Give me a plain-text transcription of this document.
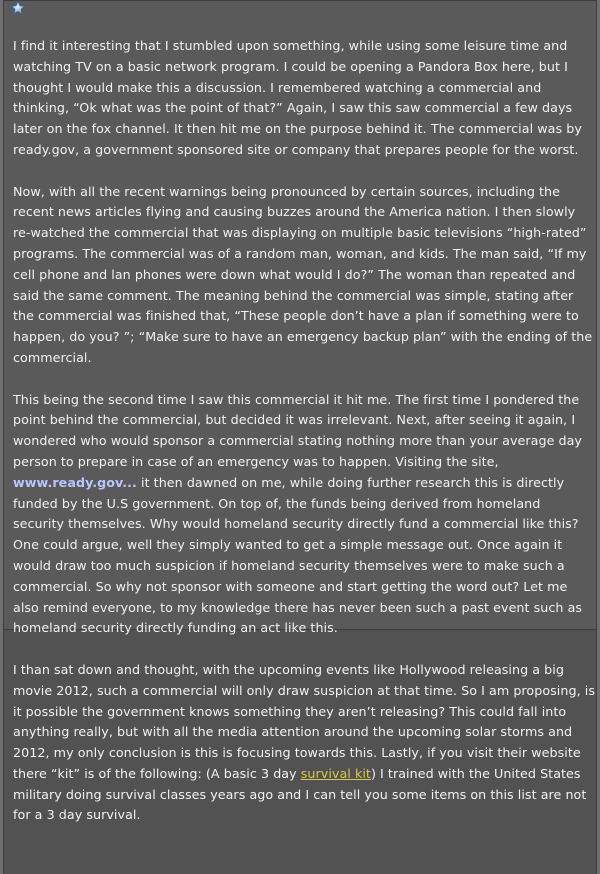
I find it interesting that I stumbled upon something, while using some leisure time and watching TV on a basic network program. I could be opening a Pandora Box here, but I thought I would make this a discussion. I remembered watching a commercial and thinking, “Ok what was the point of that?” Again, I saw this saw commercial a few days later on the fox channel. It then hit me on the purpose behind it. The commercial was by ready.gov, a government sponsored site or company that prepares people for the worst.

Now, with all the recent warnings being pronounced by certain sources, including the recent news articles flying and causing buzzes around the America nation. I then slowly re-watched the commercial that was displaying on multiple basic televisions “high-rated” programs. The commercial was of a random man, woman, and kids. The man said, “If my cell phone and lan phones were down what would I do?” The woman than repeated and said the same comment. The meaning behind the commercial was simple, stating after the commercial was finished that, “These people don’t have a plan if something were to happen, do you? ”; “Make sure to have an emergency backup plan” with the ending of the commercial.

This being the second time I saw this commercial it hit me. The first time I pondered the point behind the commercial, but decided it was irrelevant. Next, after seeing it again, I wondered who would sponsor a commercial stating nothing more than your average day person to prepare in case of an emergency was to happen. Visiting the site, www.ready.gov... it then dawned on me, while doing further research this is directly funded by the U.S government. On top of, the funds being derived from homeland security themselves. Why would homeland security directly fund a commercial like this? One could argue, well they simply wanted to get a simple message out. Once again it would draw too much suspicion if homeland security themselves were to make such a commercial. So why not sponsor with someone and start getting the word out? Let me also remind everyone, to my knowledge there has never been such a past event such as homeland security directly funding an act like this.

I than sat down and thought, with the upcoming events like Hollywood releasing a big movie 2012, such a commercial will only draw suspicion at that time. So I am proposing, is it possible the government knows something they aren’t releasing? This could fall into anything really, but with all the media attention around the upcoming solar storms and 2012, my only conclusion is this is focusing towards this. Lastly, if you visit their website there “kit” is of the following: (A basic 3 day survival kit) I trained with the United States military doing survival classes years ago and I can tell you some items on this list are not for a 3 day survival.
